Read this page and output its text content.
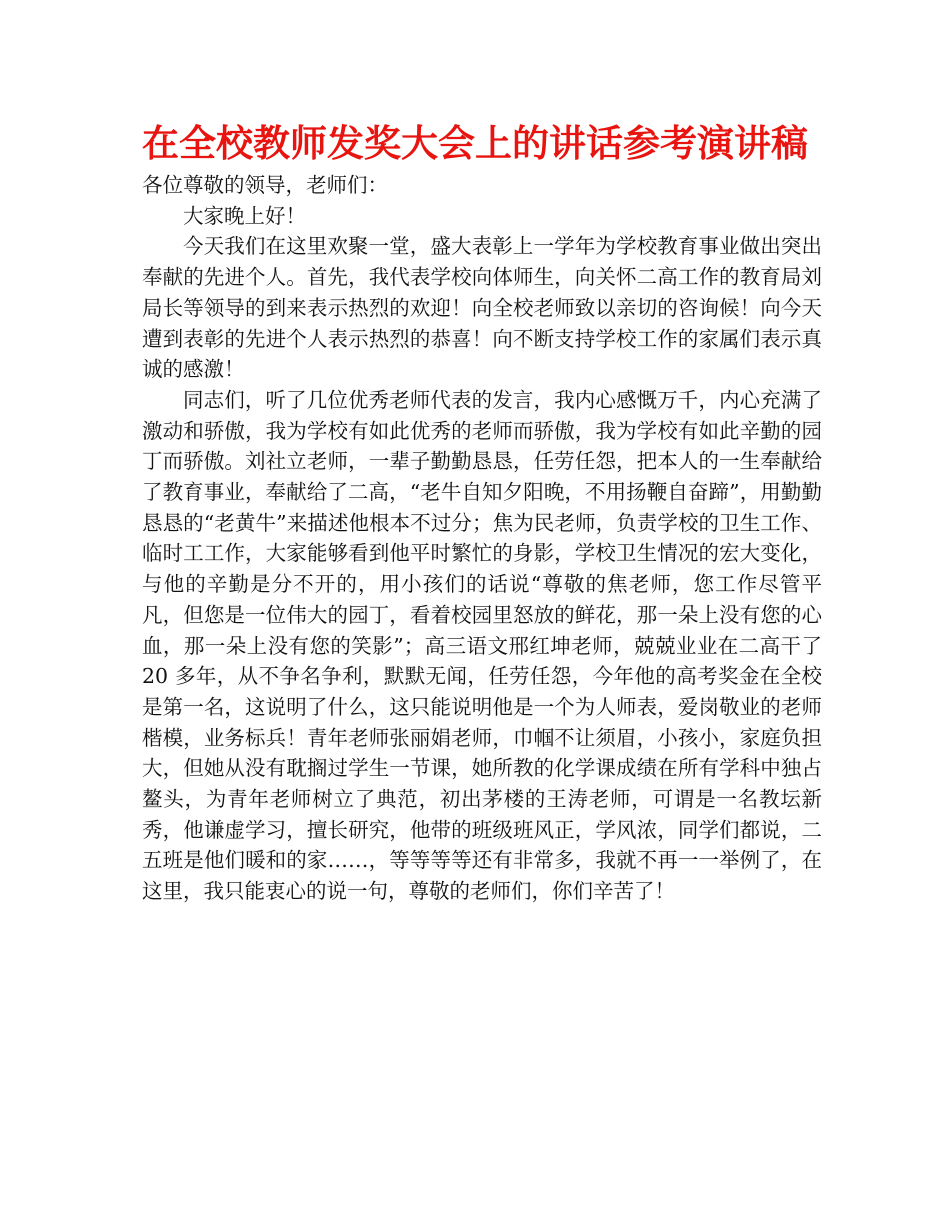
在全校教师发奖大会上的讲话参考演讲稿

各位尊敬的领导，老师们：

大家晚上好！

今天我们在这里欢聚一堂，盛大表彰上一学年为学校教育事业做出突出奉献的先进个人。首先，我代表学校向体师生，向关怀二高工作的教育局刘局长等领导的到来表示热烈的欢迎！向全校老师致以亲切的咨询候！向今天遭到表彰的先进个人表示热烈的恭喜！向不断支持学校工作的家属们表示真诚的感激！

同志们，听了几位优秀老师代表的发言，我内心感慨万千，内心充满了激动和骄傲，我为学校有如此优秀的老师而骄傲，我为学校有如此辛勤的园丁而骄傲。刘社立老师，一辈子勤勤恳恳，任劳任怨，把本人的一生奉献给了教育事业，奉献给了二高，“老牛自知夕阳晚，不用扬鞭自奋蹄”，用勤勤恳恳的“老黄牛”来描述他根本不过分；焦为民老师，负责学校的卫生工作、临时工工作，大家能够看到他平时繁忙的身影，学校卫生情况的宏大变化，与他的辛勤是分不开的，用小孩们的话说“尊敬的焦老师，您工作尽管平凡，但您是一位伟大的园丁，看着校园里怒放的鲜花，那一朵上没有您的心血，那一朵上没有您的笑影”；高三语文邢红坤老师，兢兢业业在二高干了 20 多年，从不争名争利，默默无闻，任劳任怨，今年他的高考奖金在全校是第一名，这说明了什么，这只能说明他是一个为人师表，爱岗敬业的老师楷模，业务标兵！青年老师张丽娟老师，巾帼不让须眉，小孩小，家庭负担大，但她从没有耽搁过学生一节课，她所教的化学课成绩在所有学科中独占鳌头，为青年老师树立了典范，初出茅楼的王涛老师，可谓是一名教坛新秀，他谦虚学习，擅长研究，他带的班级班风正，学风浓，同学们都说，二五班是他们暖和的家……，等等等等还有非常多，我就不再一一举例了，在这里，我只能衷心的说一句，尊敬的老师们，你们辛苦了！
